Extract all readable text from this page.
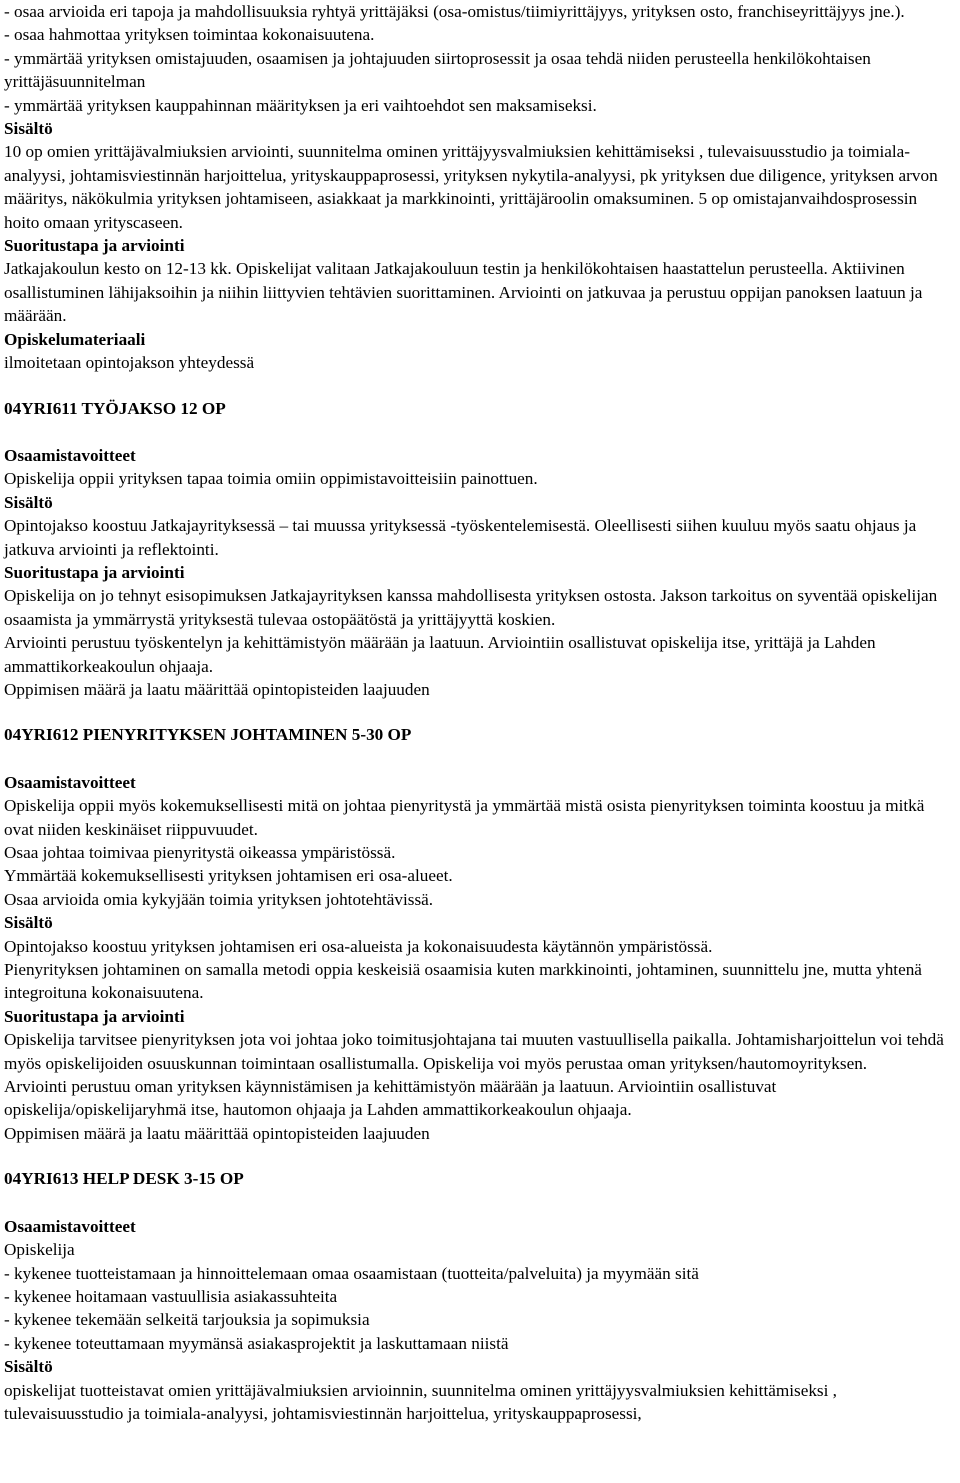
- osaa arvioida eri tapoja ja mahdollisuuksia ryhtyä yrittäjäksi (osa-omistus/tiimiyrittäjyys, yrityksen osto, franchiseyrittäjyys jne.).

- osaa hahmottaa yrityksen toimintaa kokonaisuutena.

- ymmärtää yrityksen omistajuuden, osaamisen ja johtajuuden siirtoprosessit ja osaa tehdä niiden perusteella henkilökohtaisen yrittäjäsuunnitelman

- ymmärtää yrityksen kauppahinnan määrityksen ja eri vaihtoehdot sen maksamiseksi.

Sisältö

10 op omien yrittäjävalmiuksien arviointi, suunnitelma ominen yrittäjyysvalmiuksien kehittämiseksi , tulevaisuusstudio ja toimiala-analyysi, johtamisviestinnän harjoittelua, yrityskauppaprosessi, yrityksen nykytila-analyysi, pk yrityksen due diligence, yrityksen arvon määritys, näkökulmia yrityksen johtamiseen, asiakkaat ja markkinointi, yrittäjäroolin omaksuminen. 5 op omistajanvaihdosprosessin hoito omaan yrityscaseen.

Suoritustapa ja arviointi

Jatkajakoulun kesto on 12-13 kk. Opiskelijat valitaan Jatkajakouluun testin ja henkilökohtaisen haastattelun perusteella. Aktiivinen osallistuminen lähijaksoihin ja niihin liittyvien tehtävien suorittaminen. Arviointi on jatkuvaa ja perustuu oppijan panoksen laatuun ja määrään.

Opiskelumateriaali

ilmoitetaan opintojakson yhteydessä

04YRI611 TYÖJAKSO 12 OP

Osaamistavoitteet

Opiskelija oppii yrityksen tapaa toimia omiin oppimistavoitteisiin painottuen.

Sisältö

Opintojakso koostuu Jatkajayrityksessä – tai muussa yrityksessä -työskentelemisestä. Oleellisesti siihen kuuluu myös saatu ohjaus ja jatkuva arviointi ja reflektointi.

Suoritustapa ja arviointi

Opiskelija on jo tehnyt esisopimuksen Jatkajayrityksen kanssa mahdollisesta yrityksen ostosta. Jakson tarkoitus on syventää opiskelijan osaamista ja ymmärrystä yrityksestä tulevaa ostopäätöstä ja yrittäjyyttä koskien.

Arviointi perustuu työskentelyn ja kehittämistyön määrään ja laatuun. Arviointiin osallistuvat opiskelija itse, yrittäjä ja Lahden ammattikorkeakoulun ohjaaja.

Oppimisen määrä ja laatu määrittää opintopisteiden laajuuden

04YRI612 PIENYRITYKSEN JOHTAMINEN 5-30 OP

Osaamistavoitteet

Opiskelija oppii myös kokemuksellisesti mitä on johtaa pienyritystä ja ymmärtää mistä osista pienyrityksen toiminta koostuu ja mitkä ovat niiden keskinäiset riippuvuudet.

Osaa johtaa toimivaa pienyritystä oikeassa ympäristössä.

Ymmärtää kokemuksellisesti yrityksen johtamisen eri osa-alueet.

Osaa arvioida omia kykyjään toimia yrityksen johtotehtävissä.

Sisältö

Opintojakso koostuu yrityksen johtamisen eri osa-alueista ja kokonaisuudesta käytännön ympäristössä.

Pienyrityksen johtaminen on samalla metodi oppia keskeisiä osaamisia kuten markkinointi, johtaminen, suunnittelu jne, mutta yhtenä integroituna kokonaisuutena.

Suoritustapa ja arviointi

Opiskelija tarvitsee pienyrityksen jota voi johtaa joko toimitusjohtajana tai muuten vastuullisella paikalla. Johtamisharjoittelun voi tehdä myös opiskelijoiden osuuskunnan toimintaan osallistumalla. Opiskelija voi myös perustaa oman yrityksen/hautomoyrityksen.

Arviointi perustuu oman yrityksen käynnistämisen ja kehittämistyön määrään ja laatuun. Arviointiin osallistuvat opiskelija/opiskelijaryhmä itse, hautomon ohjaaja ja Lahden ammattikorkeakoulun ohjaaja.

Oppimisen määrä ja laatu määrittää opintopisteiden laajuuden

04YRI613 HELP DESK 3-15 OP

Osaamistavoitteet

Opiskelija

- kykenee tuotteistamaan ja hinnoittelemaan omaa osaamistaan (tuotteita/palveluita) ja myymään sitä

- kykenee hoitamaan vastuullisia asiakassuhteita

- kykenee tekemään selkeitä tarjouksia ja sopimuksia

- kykenee toteuttamaan myymänsä asiakasprojektit ja laskuttamaan niistä

Sisältö

opiskelijat tuotteistavat omien yrittäjävalmiuksien arvioinnin, suunnitelma ominen yrittäjyysvalmiuksien kehittämiseksi , tulevaisuusstudio ja toimiala-analyysi, johtamisviestinnän harjoittelua, yrityskauppaprosessi,
